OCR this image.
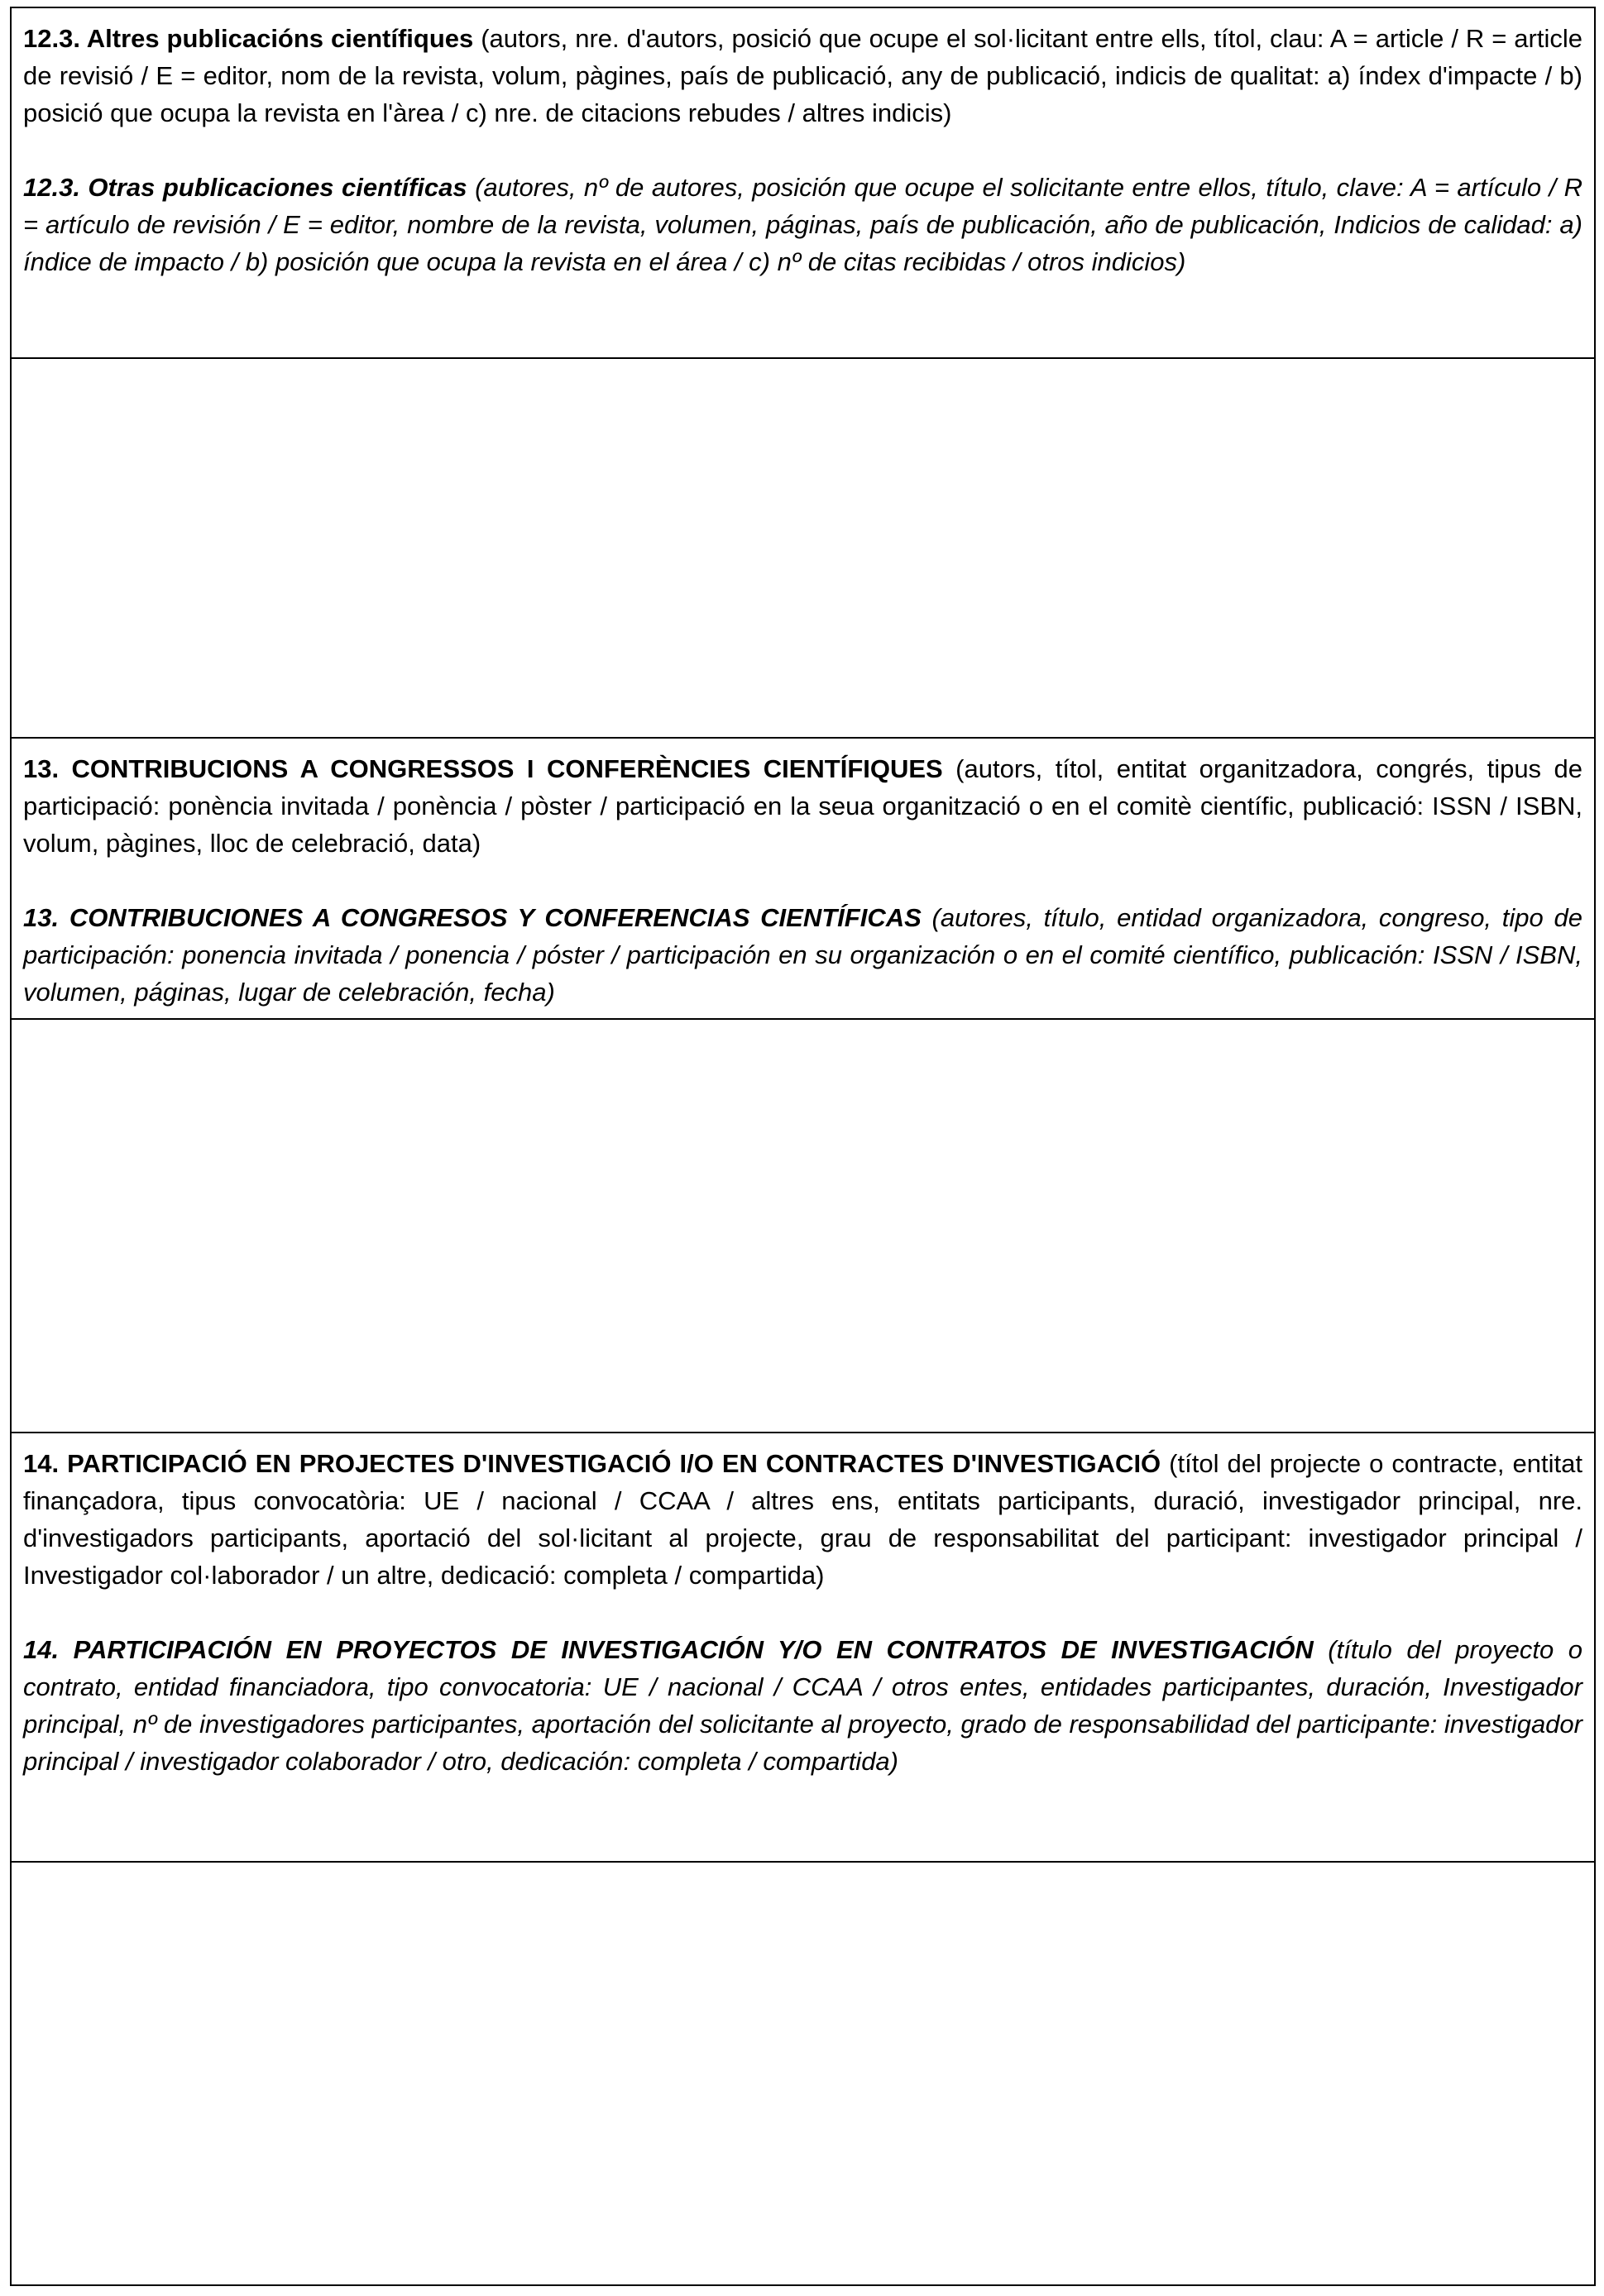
12.3. Altres publicacións científiques (autors, nre. d'autors, posició que ocupe el sol·licitant entre ells, títol, clau: A = article / R = article de revisió / E = editor, nom de la revista, volum, pàgines, país de publicació, any de publicació, indicis de qualitat: a) índex d'impacte / b) posició que ocupa la revista en l'àrea / c) nre. de citacions rebudes / altres indicis)

12.3. Otras publicaciones científicas (autores, nº de autores, posición que ocupe el solicitante entre ellos, título, clave: A = artículo / R = artículo de revisión / E = editor, nombre de la revista, volumen, páginas, país de publicación, año de publicación, Indicios de calidad: a) índice de impacto / b) posición que ocupa la revista en el área / c) nº de citas recibidas / otros indicios)

13. CONTRIBUCIONS A CONGRESSOS I CONFERÈNCIES CIENTÍFIQUES (autors, títol, entitat organitzadora, congrés, tipus de participació: ponència invitada / ponència / pòster / participació en la seua organització o en el comitè científic, publicació: ISSN / ISBN, volum, pàgines, lloc de celebració, data)

13. CONTRIBUCIONES A CONGRESOS Y CONFERENCIAS CIENTÍFICAS (autores, título, entidad organizadora, congreso, tipo de participación: ponencia invitada / ponencia / póster / participación en su organización o en el comité científico, publicación: ISSN / ISBN, volumen, páginas, lugar de celebración, fecha)

14. PARTICIPACIÓ EN PROJECTES D'INVESTIGACIÓ I/O EN CONTRACTES D'INVESTIGACIÓ (títol del projecte o contracte, entitat finançadora, tipus convocatòria: UE / nacional / CCAA / altres ens, entitats participants, duració, investigador principal, nre. d'investigadors participants, aportació del sol·licitant al projecte, grau de responsabilitat del participant: investigador principal / Investigador col·laborador / un altre, dedicació: completa / compartida)

14. PARTICIPACIÓN EN PROYECTOS DE INVESTIGACIÓN Y/O EN CONTRATOS DE INVESTIGACIÓN (título del proyecto o contrato, entidad financiadora, tipo convocatoria: UE / nacional / CCAA / otros entes, entidades participantes, duración, Investigador principal, nº de investigadores participantes, aportación del solicitante al proyecto, grado de responsabilidad del participante: investigador principal / investigador colaborador / otro, dedicación: completa / compartida)
